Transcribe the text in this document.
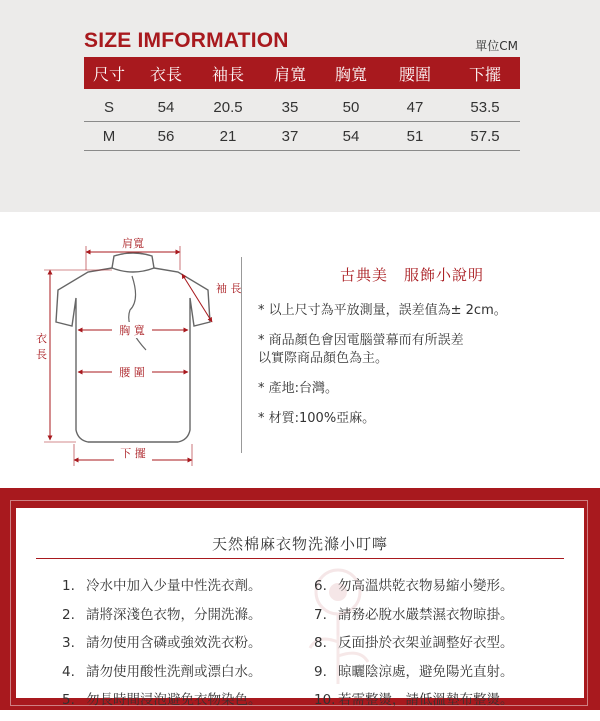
SIZE IMFORMATION	單位CM
尺寸	衣長	袖長	肩寬	胸寬	腰圍	下擺
S	54	20.5	35	50	47	53.5
M	56	21	37	54	51	57.5
肩寬
袖 長
胸 寬
腰 圍
衣
長
下 擺
古典美　服飾小說明
* 以上尺寸為平放測量，誤差值為± 2cm。
* 商品顏色會因電腦螢幕而有所誤差
以實際商品顏色為主。
* 產地:台灣。
* 材質:100%亞麻。
天然棉麻衣物洗滌小叮嚀
1. 冷水中加入少量中性洗衣劑。
2. 請將深淺色衣物，分開洗滌。
3. 請勿使用含磷或強效洗衣粉。
4. 請勿使用酸性洗劑或漂白水。
5. 勿長時間浸泡避免衣物染色。
6. 勿高溫烘乾衣物易縮小變形。
7. 請務必脫水嚴禁濕衣物晾掛。
8. 反面掛於衣架並調整好衣型。
9. 晾曬陰涼處，避免陽光直射。
10. 若需整燙，請低溫墊布整燙。
